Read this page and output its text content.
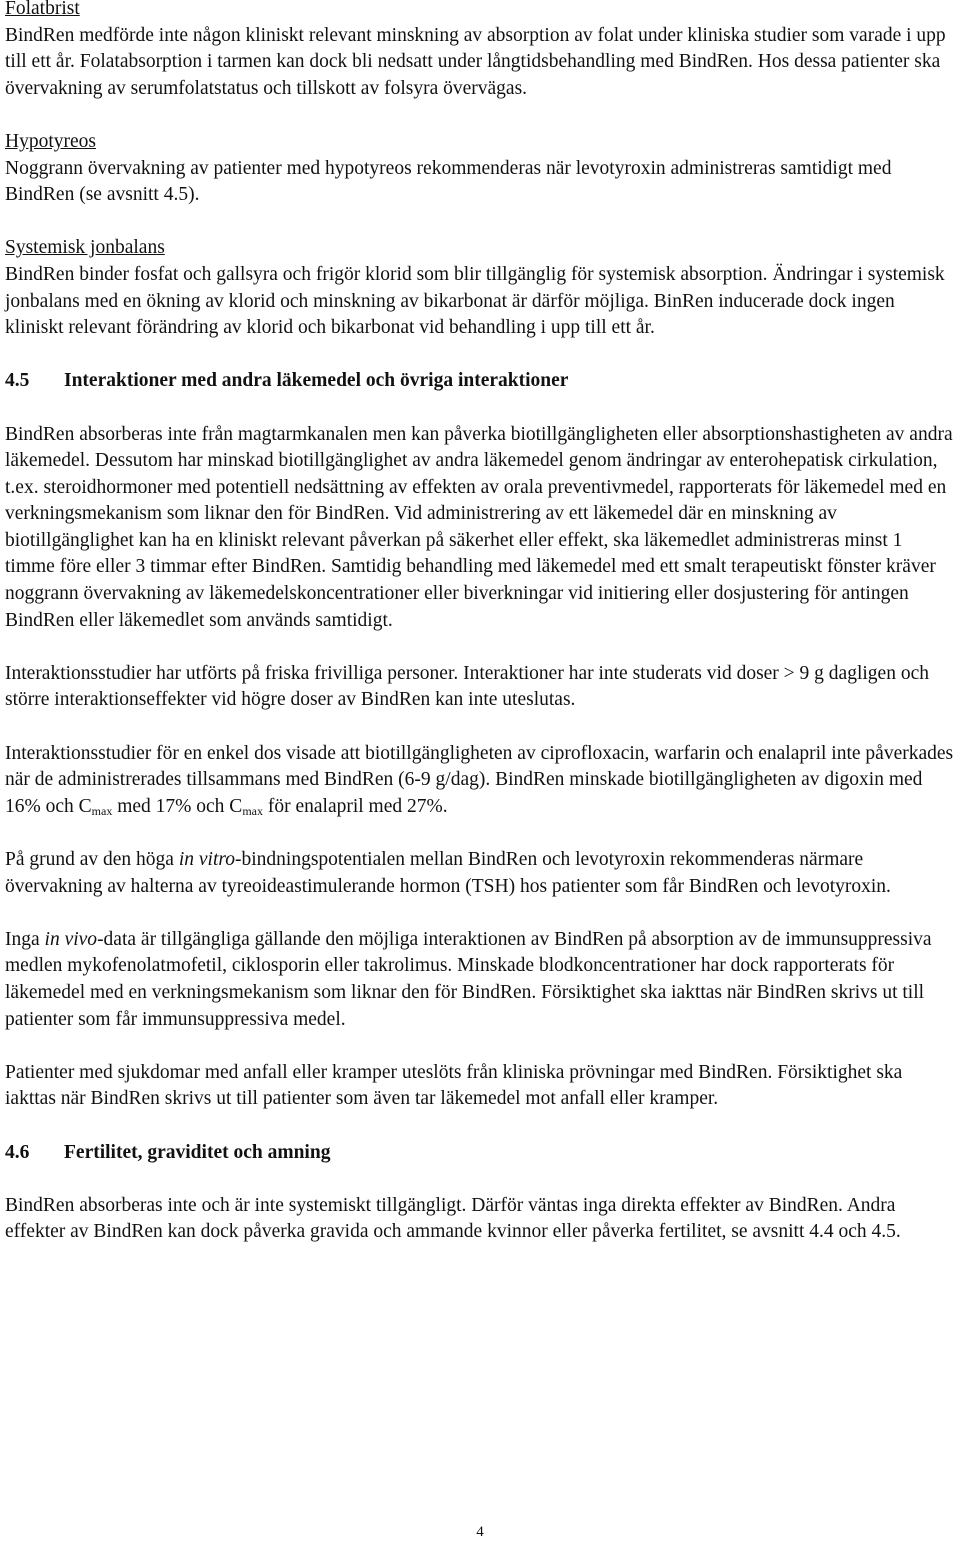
Folatbrist

BindRen medförde inte någon kliniskt relevant minskning av absorption av folat under kliniska studier som varade i upp till ett år. Folatabsorption i tarmen kan dock bli nedsatt under långtidsbehandling med BindRen. Hos dessa patienter ska övervakning av serumfolatstatus och tillskott av folsyra övervägas.

Hypotyreos

Noggrann övervakning av patienter med hypotyreos rekommenderas när levotyroxin administreras samtidigt med BindRen (se avsnitt 4.5).

Systemisk jonbalans

BindRen binder fosfat och gallsyra och frigör klorid som blir tillgänglig för systemisk absorption. Ändringar i systemisk jonbalans med en ökning av klorid och minskning av bikarbonat är därför möjliga. BinRen inducerade dock ingen kliniskt relevant förändring av klorid och bikarbonat vid behandling i upp till ett år.

4.5	Interaktioner med andra läkemedel och övriga interaktioner

BindRen absorberas inte från magtarmkanalen men kan påverka biotillgängligheten eller absorptionshastigheten av andra läkemedel. Dessutom har minskad biotillgänglighet av andra läkemedel genom ändringar av enterohepatisk cirkulation, t.ex. steroidhormoner med potentiell nedsättning av effekten av orala preventivmedel, rapporterats för läkemedel med en verkningsmekanism som liknar den för BindRen. Vid administrering av ett läkemedel där en minskning av biotillgänglighet kan ha en kliniskt relevant påverkan på säkerhet eller effekt, ska läkemedlet administreras minst 1 timme före eller 3 timmar efter BindRen. Samtidig behandling med läkemedel med ett smalt terapeutiskt fönster kräver noggrann övervakning av läkemedelskoncentrationer eller biverkningar vid initiering eller dosjustering för antingen BindRen eller läkemedlet som används samtidigt.

Interaktionsstudier har utförts på friska frivilliga personer. Interaktioner har inte studerats vid doser > 9 g dagligen och större interaktionseffekter vid högre doser av BindRen kan inte uteslutas.

Interaktionsstudier för en enkel dos visade att biotillgängligheten av ciprofloxacin, warfarin och enalapril inte påverkades när de administrerades tillsammans med BindRen (6-9 g/dag). BindRen minskade biotillgängligheten av digoxin med 16% och $C_{max}$ med 17% och $C_{max}$ för enalapril med 27%.

På grund av den höga in vitro-bindningspotentialen mellan BindRen och levotyroxin rekommenderas närmare övervakning av halterna av tyreoideastimulerande hormon (TSH) hos patienter som får BindRen och levotyroxin.

Inga in vivo-data är tillgängliga gällande den möjliga interaktionen av BindRen på absorption av de immunsuppressiva medlen mykofenolatmofetil, ciklosporin eller takrolimus. Minskade blodkoncentrationer har dock rapporterats för läkemedel med en verkningsmekanism som liknar den för BindRen. Försiktighet ska iakttas när BindRen skrivs ut till patienter som får immunsuppressiva medel.

Patienter med sjukdomar med anfall eller kramper uteslöts från kliniska prövningar med BindRen. Försiktighet ska iakttas när BindRen skrivs ut till patienter som även tar läkemedel mot anfall eller kramper.

4.6	Fertilitet, graviditet och amning

BindRen absorberas inte och är inte systemiskt tillgängligt. Därför väntas inga direkta effekter av BindRen. Andra effekter av BindRen kan dock påverka gravida och ammande kvinnor eller påverka fertilitet, se avsnitt 4.4 och 4.5.

4
